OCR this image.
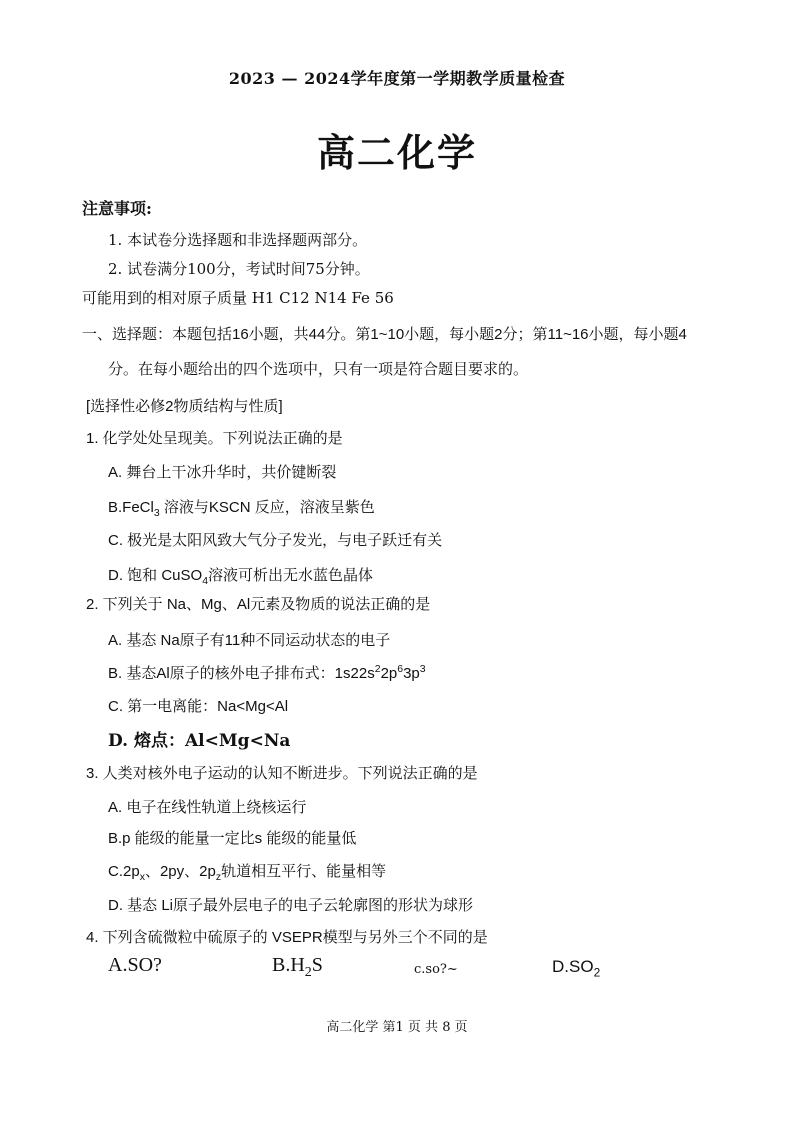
2023 — 2024学年度第一学期教学质量检查
高二化学
注意事项:
1. 本试卷分选择题和非选择题两部分。
2. 试卷满分100分，考试时间75分钟。
可能用到的相对原子质量 H1 C12 N14 Fe 56
一、选择题：本题包括16小题，共44分。第1~10小题，每小题2分；第11~16小题，每小题4
分。在每小题给出的四个选项中，只有一项是符合题目要求的。
[选择性必修2物质结构与性质]
1. 化学处处呈现美。下列说法正确的是
A. 舞台上干冰升华时，共价键断裂
B.FeCl$_3$ 溶液与KSCN 反应，溶液呈紫色
C. 极光是太阳风致大气分子发光，与电子跃迁有关
D. 饱和 CuSO$_4$溶液可析出无水蓝色晶体
2. 下列关于 Na、Mg、Al元素及物质的说法正确的是
A. 基态 Na原子有11种不同运动状态的电子
B. 基态Al原子的核外电子排布式：$1s22s^22p^63p^3$
C. 第一电离能：Na<Mg<Al
D. 熔点：Al<Mg<Na
3. 人类对核外电子运动的认知不断进步。下列说法正确的是
A. 电子在线性轨道上绕核运行
B.p 能级的能量一定比s 能级的能量低
$C.2p_x$、2py、$2p_z$轨道相互平行、能量相等
D. 基态 Li原子最外层电子的电子云轮廓图的形状为球形
4. 下列含硫微粒中硫原子的 VSEPR模型与另外三个不同的是
A.SO?	$B.H_2S$	c.so?~	$D.SO_2$
高二化学 第1 页 共 8 页
